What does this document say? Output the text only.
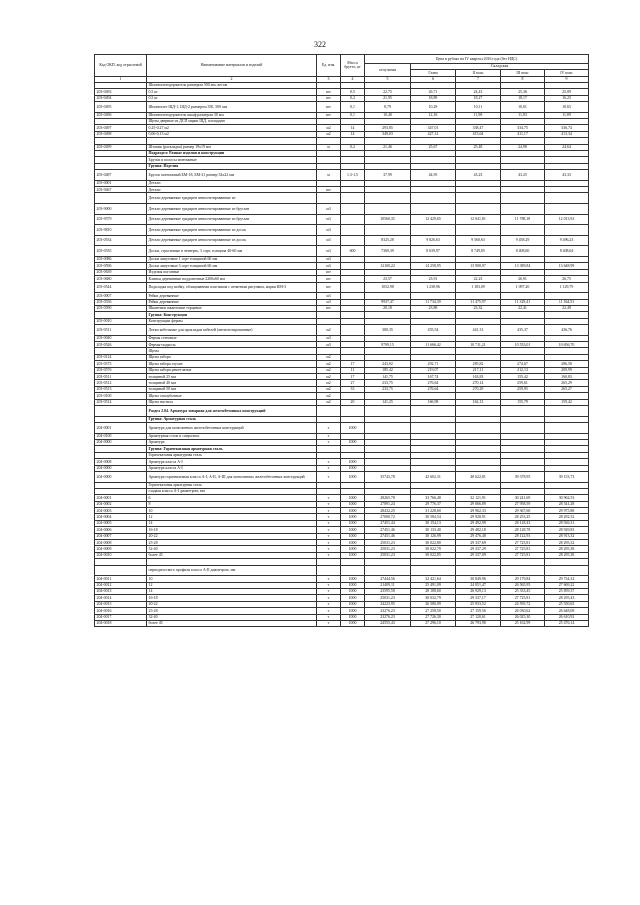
322
Код ОКП, код отраслевой	Наименование материалов и изделий	Ед. изм.	Масса брутто, кг	Цена в рублях на IV квартал 2016 года (без НДС)				
				отпускная	Складская			
					Глава	II пояс	III пояс	IV пояс
1	2	3	4	5	6	7	8	9
	Шпингалетодержатель размером 500 мм, весом							
203-0493	0,5 кг	шт	0,5	22,75	26,71	24,43	25,36	25,89
203-0494	0,5 кг	шт	0,2	21,95	18,89	18,27	18,17	16,25
203-0495	Шпингалет ШД-1, ШД-2 размером 350, 500 мм	шт	0,1	8,79	10,29	10,11	10,01	10,65
203-0496	Шпингалетодержатель шкаф размером 30 мм	шт	0,1	10,40	12,16	11,98	11,83	11,89
	Щиты дверные из ДСП марки ЩД, площадью							
203-0497	0,25-0,27 м2	м2	14	293,85	347,01	338,47	334,75	336,74
203-0498	0,06-0,13 м2	м2	14	349,03	427,12	415,64	411,17	413,34

203-0499	Штапик (раскладка) размер 19х19 мм	м	0,2	21,46	25,67	25,48	24,98	24,64
	Подраздел: Разные изделия и конструкции							
	Бруски и полосы монтажные							
	Группа: Изделия							
203-0487	Брусок монтажный БМ-18, БМ-21 размер 54х22 мм	м	1,3-1,5	37,99	44,95	43,23	43,25	43,33
203-0001	Детали							
203-9467	Детали	шт						
	Детали деревянные градирен антисептированные из							
203-9000	Детали деревянные градирен антисептированные из брусьев	м3						
203-9579	Детали деревянные градирен антисептированные из брусьев	м3		10560,35	12 429,65	12 041,81	11 788,18	12 013,92
203-9810	Детали деревянные градирен антисептированные из досок	м3						
203-0534	Детали деревянные градирен антисептированные из досок	м3		8325,28	9 826,63	9 560,63	9 458,29	9 496,23
203-0535	Доски, строганные в четверть, 3 сорт, толщина 40-60 мм	м3	600	7369,39	8 639,97	8 749,85	8 408,60	8 408,64
203-0086	Доски липутовые 1 сорт толщиной 60 мм	м3						
203-0596	Доски липутовые 3 сорт толщиной 60 мм	м3		12100,22	14 258,95	13 908,97	13 389,84	13 648,99
203-0639	Изделия погонные	шт						
203-0680	Клинья деревянные поддоночные 2200х60 мм	шт		23,57	23,91	22,23	26,91	26,75
203-0544	Подкладка под мойку, облицованная пластиком с печатным рисунком, марки КМ-3	шт		1052,98	1 238,96	1 183,09	1 097,20	1 129,79
203-0007	Рейки деревянные	м3						
203-0536	Рейки деревянные	м3		9937,47	11 734,39	11 475,97	11 329,41	11 364,91
203-0590	Шкантики шкантовые торцевые	шт		20,18	23,88	23,32	22,41	22,49
	Группа: Конструкции							
203-0010	Конструкции фермы							
203-0511	Лотки кабельные для прокладки кабелей (антисептированные)	м2		380,35	455,54	441,31	435,37	436,76
203-0040	Фермы стеновые	м3						
203-0526	Фермы-подкосы	м3		9799,15	11 666,42	10 711,21	10 553,01	10 656,70
	Щиты							
203-0124	Щиты забора	м2						
203-0575	Щиты забора глухие	м2	17	243,02	292,71	285,82	274,67	286,58
203-0576	Щиты забора решетчатые	м2	11	185,42	219,07	217,11	212,13	209,99
203-0511	толщиной 25 мм	м2	17	141,75	167,74	163,83	155,42	160,83
203-0512	толщиной 40 мм	м2	27	233,75	276,64	270,14	259,61	265,29
203-0513	толщиной 50 мм	м2	33	233,75	276,64	270,29	259,95	265,27
203-0100	Щиты опалубочные	м2						
203-0514	Щиты настила	м2	20	141,25	166,98	162,13	155,79	159,42
	Раздел 2.04. Арматура товарная для железобетонных конструкций							
	Группа: Арматурная сталь							
204-0001	Арматура для монолитных железобетонных конструкций	т	1000					
204-0100	Арматурная сталь в спирались	т						
204-0000	Арматура	т	1000					
	Группа: Горячекатаная арматурная сталь							
	Горячекатаная арматурная сталь							
204-0008	Арматура класса А-I	т	1000					
204-0000	Арматура класса А-I	т	1000					
204-0000	Арматура горячекатаная класса А-I, А-II, А-III для монолитных железобетонных конструкций	т	1000	35743,78	42 602,31	40 622,81	39 378,95	39 153,73
	Горячекатаная арматурная сталь							
	гладкая класса А-I диаметром, мм							
204-0001	6	т	1000	28265,78	33 766,48	32 121,91	30 241,69	30 962,53
204-0002	8	т	1000	27891,24	29 776,37	29 066,89	27 958,59	28 541,28
204-0003	10	т	1000	28432,25	31 228,60	29 962,33	29 367,60	29 975,88
204-0004	12	т	1000	27000,72	30 584,54	29 928,91	28 253,25	28 292,52
204-0005	14	т	1000	27451,44	30 154,13	29 492,99	28 128,43	28 926,31
204-0006	16-18	т	1000	27451,46	30 133,40	29 482,18	28 128,78	28 929,83
204-0007	20-22	т	1000	27451,46	30 126,99	29 476,48	28 122,93	28 913,32
204-0008	25-28	т	1000	25031,23	30 022,80	29 337,69	27 725,81	28 295,32
204-0009	32-40	т	1000	25031,23	30 022,79	29 337,29	27 725,81	28 295,38
204-0010	более 45	т	1000	25031,23	30 022,85	29 337,09	27 725,81	28 295,38

	периодического профиля класса А-II диаметром, мм							
204-0011	10	т	1000	27444,56	32 421,64	30 849,96	29 179,84	29 734,32
204-0012	12	т	1000	21409,11	25 491,09	24 051,47	26 565,95	27 669,22
204-0013	14	т	1000	23595,58	28 188,60	26 929,13	25 333,45	25 859,37
204-0014	16-18	т	1000	25031,23	30 032,79	29 337,17	27 725,81	28 295,43
204-0015	20-22	т	1000	24223,95	26 580,09	25 933,52	24 595,72	25 550,65
204-0016	25-28	т	1000	23276,23	27 258,50	27 159,56	26 030,62	26 648,08
204-0017	32-40	т	1000	23276,23	27 726,30	27 120,61	26 025,30	26 610,92
204-0018	более 45	т	1000	24555,43	27 296,10	26 793,98	25 162,99	25 476,14
